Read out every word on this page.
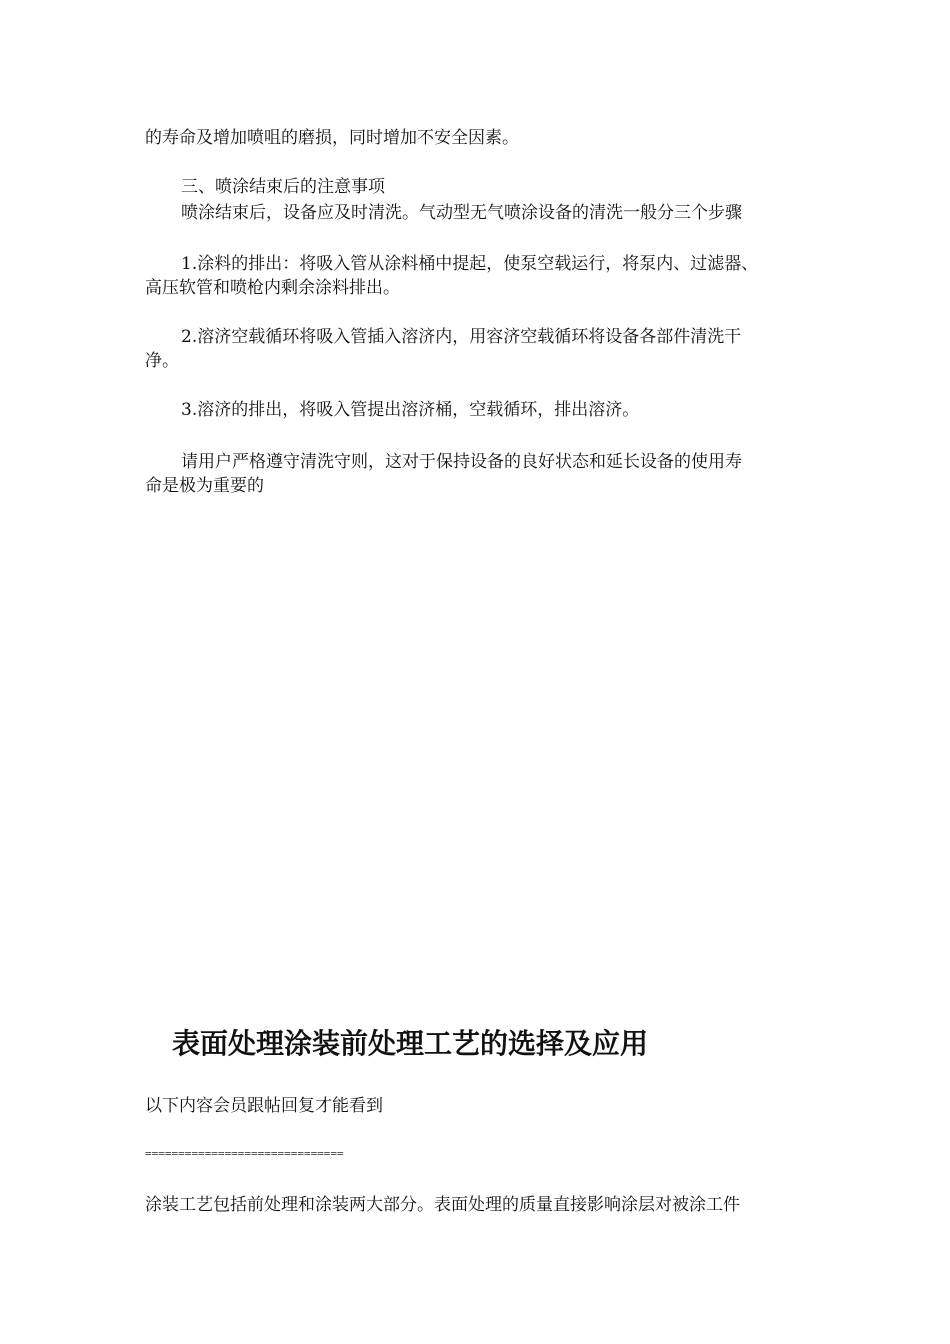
的寿命及增加喷咀的磨损，同时增加不安全因素。
三、喷涂结束后的注意事项
喷涂结束后，设备应及时清洗。气动型无气喷涂设备的清洗一般分三个步骤
1.涂料的排出：将吸入管从涂料桶中提起，使泵空载运行，将泵内、过滤器、
高压软管和喷枪内剩余涂料排出。
2.溶济空载循环将吸入管插入溶济内，用容济空载循环将设备各部件清洗干
净。
3.溶济的排出，将吸入管提出溶济桶，空载循环，排出溶济。
请用户严格遵守清洗守则，这对于保持设备的良好状态和延长设备的使用寿
命是极为重要的
表面处理涂装前处理工艺的选择及应用
以下内容会员跟帖回复才能看到
==============================
涂装工艺包括前处理和涂装两大部分。表面处理的质量直接影响涂层对被涂工件
